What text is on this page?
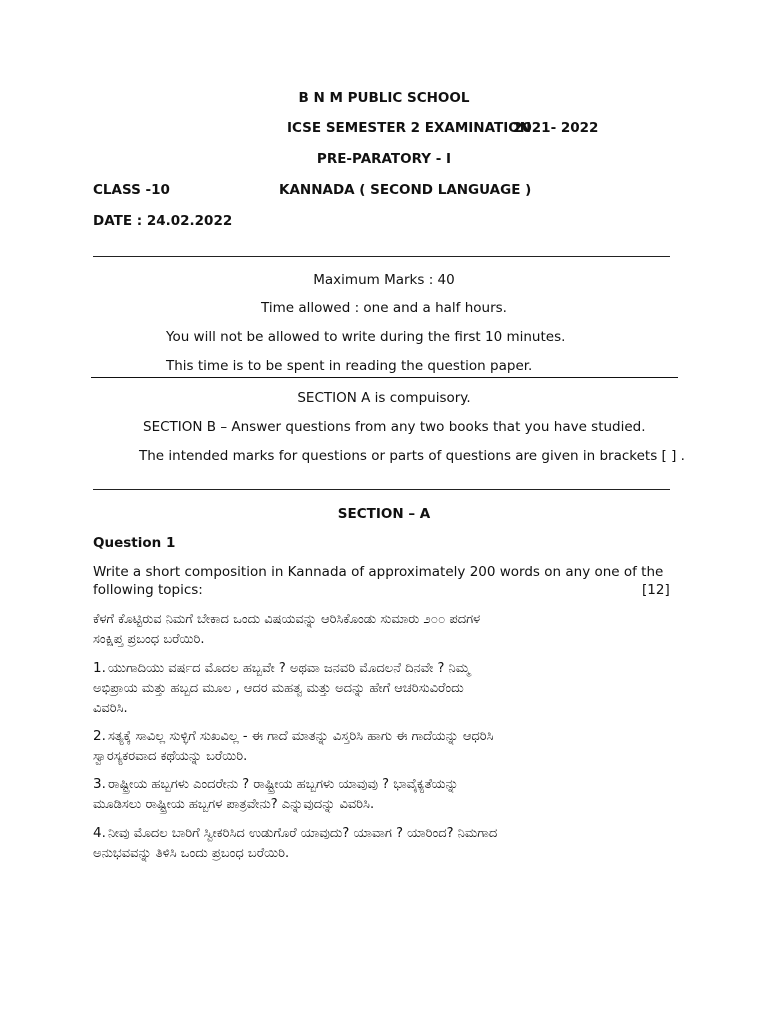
B N M PUBLIC SCHOOL
ICSE SEMESTER 2 EXAMINATION
2021- 2022
PRE-PARATORY - I
CLASS -10	KANNADA ( SECOND LANGUAGE )
DATE : 24.02.2022
Maximum Marks : 40
Time allowed : one and a half hours.
You will not be allowed to write during the first 10 minutes.
This time is to be spent in reading the question paper.
SECTION A is compuisory.
SECTION B – Answer questions from any two books that you have studied.
The intended marks for questions or parts of questions are given in brackets [ ] .
SECTION – A
Question 1
Write a short composition in Kannada of approximately 200 words on any one of the
following topics:	[12]
ಕೆಳಗೆ ಕೊಟ್ಟಿರುವ ನಿಮಗೆ ಬೇಕಾದ ಒಂದು ವಿಷಯವನ್ನು ಆರಿಸಿಕೊಂಡು ಸುಮಾರು ೨೦೦ ಪದಗಳ
ಸಂಕ್ಷಿಪ್ತ ಪ್ರಬಂಧ ಬರೆಯಿರಿ.
1. ಯುಗಾದಿಯು ವರ್ಷದ ಮೊದಲ ಹಬ್ಬವೇ ? ಅಥವಾ ಜನವರಿ ಮೊದಲನೆ ದಿನವೇ ? ನಿಮ್ಮ
ಅಭಿಪ್ರಾಯ ಮತ್ತು ಹಬ್ಬದ ಮೂಲ , ಆದರ ಮಹತ್ವ ಮತ್ತು ಅದನ್ನು ಹೇಗೆ ಆಚರಿಸುವಿರೆಂದು
ವಿವರಿಸಿ.
2. ಸತ್ಯಕ್ಕೆ ಸಾವಿಲ್ಲ ಸುಳ್ಳಿಗೆ ಸುಖವಿಲ್ಲ - ಈ ಗಾದೆ ಮಾತನ್ನು ವಿಸ್ತರಿಸಿ ಹಾಗು ಈ ಗಾದೆಯನ್ನು ಆಧರಿಸಿ
ಸ್ವಾರಸ್ಯಕರವಾದ ಕಥೆಯನ್ನು ಬರೆಯಿರಿ.
3. ರಾಷ್ಟ್ರೀಯ ಹಬ್ಬಗಳು ಎಂದರೇನು ? ರಾಷ್ಟ್ರೀಯ ಹಬ್ಬಗಳು ಯಾವುವು ? ಭಾವೈಕ್ಯತೆಯನ್ನು
ಮೂಡಿಸಲು ರಾಷ್ಟ್ರೀಯ ಹಬ್ಬಗಳ ಪಾತ್ರವೇನು? ಎನ್ನುವುದನ್ನು ವಿವರಿಸಿ.
4. ನೀವು ಮೊದಲ ಬಾರಿಗೆ ಸ್ವೀಕರಿಸಿದ ಉಡುಗೊರೆ ಯಾವುದು? ಯಾವಾಗ ? ಯಾರಿಂದ? ನಿಮಗಾದ
ಅನುಭವವನ್ನು ತಿಳಿಸಿ ಒಂದು ಪ್ರಬಂಧ ಬರೆಯಿರಿ.
